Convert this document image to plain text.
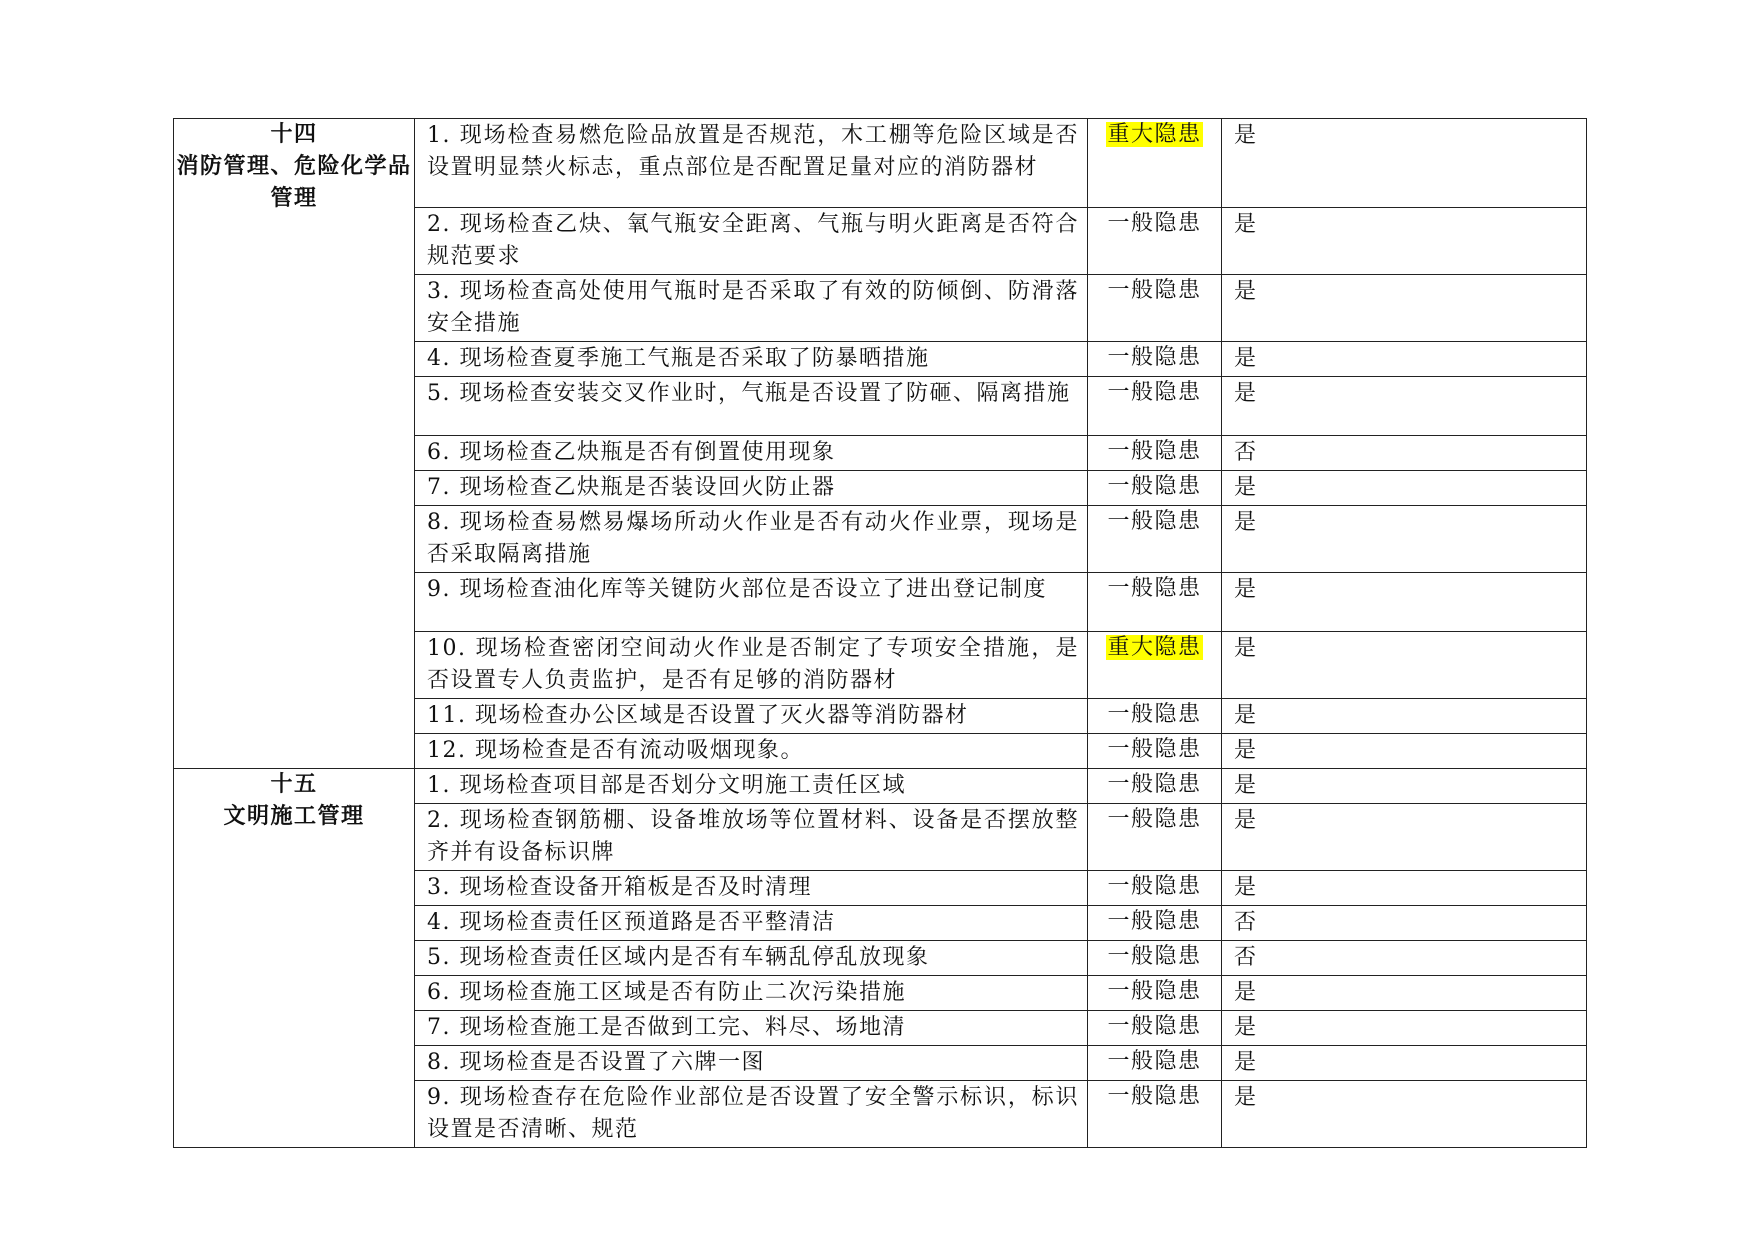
十四
消防管理、危险化学品管理	1. 现场检查易燃危险品放置是否规范，木工棚等危险区域是否设置明显禁火标志，重点部位是否配置足量对应的消防器材	重大隐患	是
	2. 现场检查乙炔、氧气瓶安全距离、气瓶与明火距离是否符合规范要求	一般隐患	是
	3. 现场检查高处使用气瓶时是否采取了有效的防倾倒、防滑落安全措施	一般隐患	是
	4. 现场检查夏季施工气瓶是否采取了防暴晒措施	一般隐患	是
	5. 现场检查安装交叉作业时，气瓶是否设置了防砸、隔离措施	一般隐患	是
	6. 现场检查乙炔瓶是否有倒置使用现象	一般隐患	否
	7. 现场检查乙炔瓶是否装设回火防止器	一般隐患	是
	8. 现场检查易燃易爆场所动火作业是否有动火作业票，现场是否采取隔离措施	一般隐患	是
	9. 现场检查油化库等关键防火部位是否设立了进出登记制度	一般隐患	是
	10. 现场检查密闭空间动火作业是否制定了专项安全措施，是否设置专人负责监护，是否有足够的消防器材	重大隐患	是
	11. 现场检查办公区域是否设置了灭火器等消防器材	一般隐患	是
	12. 现场检查是否有流动吸烟现象。	一般隐患	是

十五
文明施工管理	1. 现场检查项目部是否划分文明施工责任区域	一般隐患	是
	2. 现场检查钢筋棚、设备堆放场等位置材料、设备是否摆放整齐并有设备标识牌	一般隐患	是
	3. 现场检查设备开箱板是否及时清理	一般隐患	是
	4. 现场检查责任区预道路是否平整清洁	一般隐患	否
	5. 现场检查责任区域内是否有车辆乱停乱放现象	一般隐患	否
	6. 现场检查施工区域是否有防止二次污染措施	一般隐患	是
	7. 现场检查施工是否做到工完、料尽、场地清	一般隐患	是
	8. 现场检查是否设置了六牌一图	一般隐患	是
	9. 现场检查存在危险作业部位是否设置了安全警示标识，标识设置是否清晰、规范	一般隐患	是
